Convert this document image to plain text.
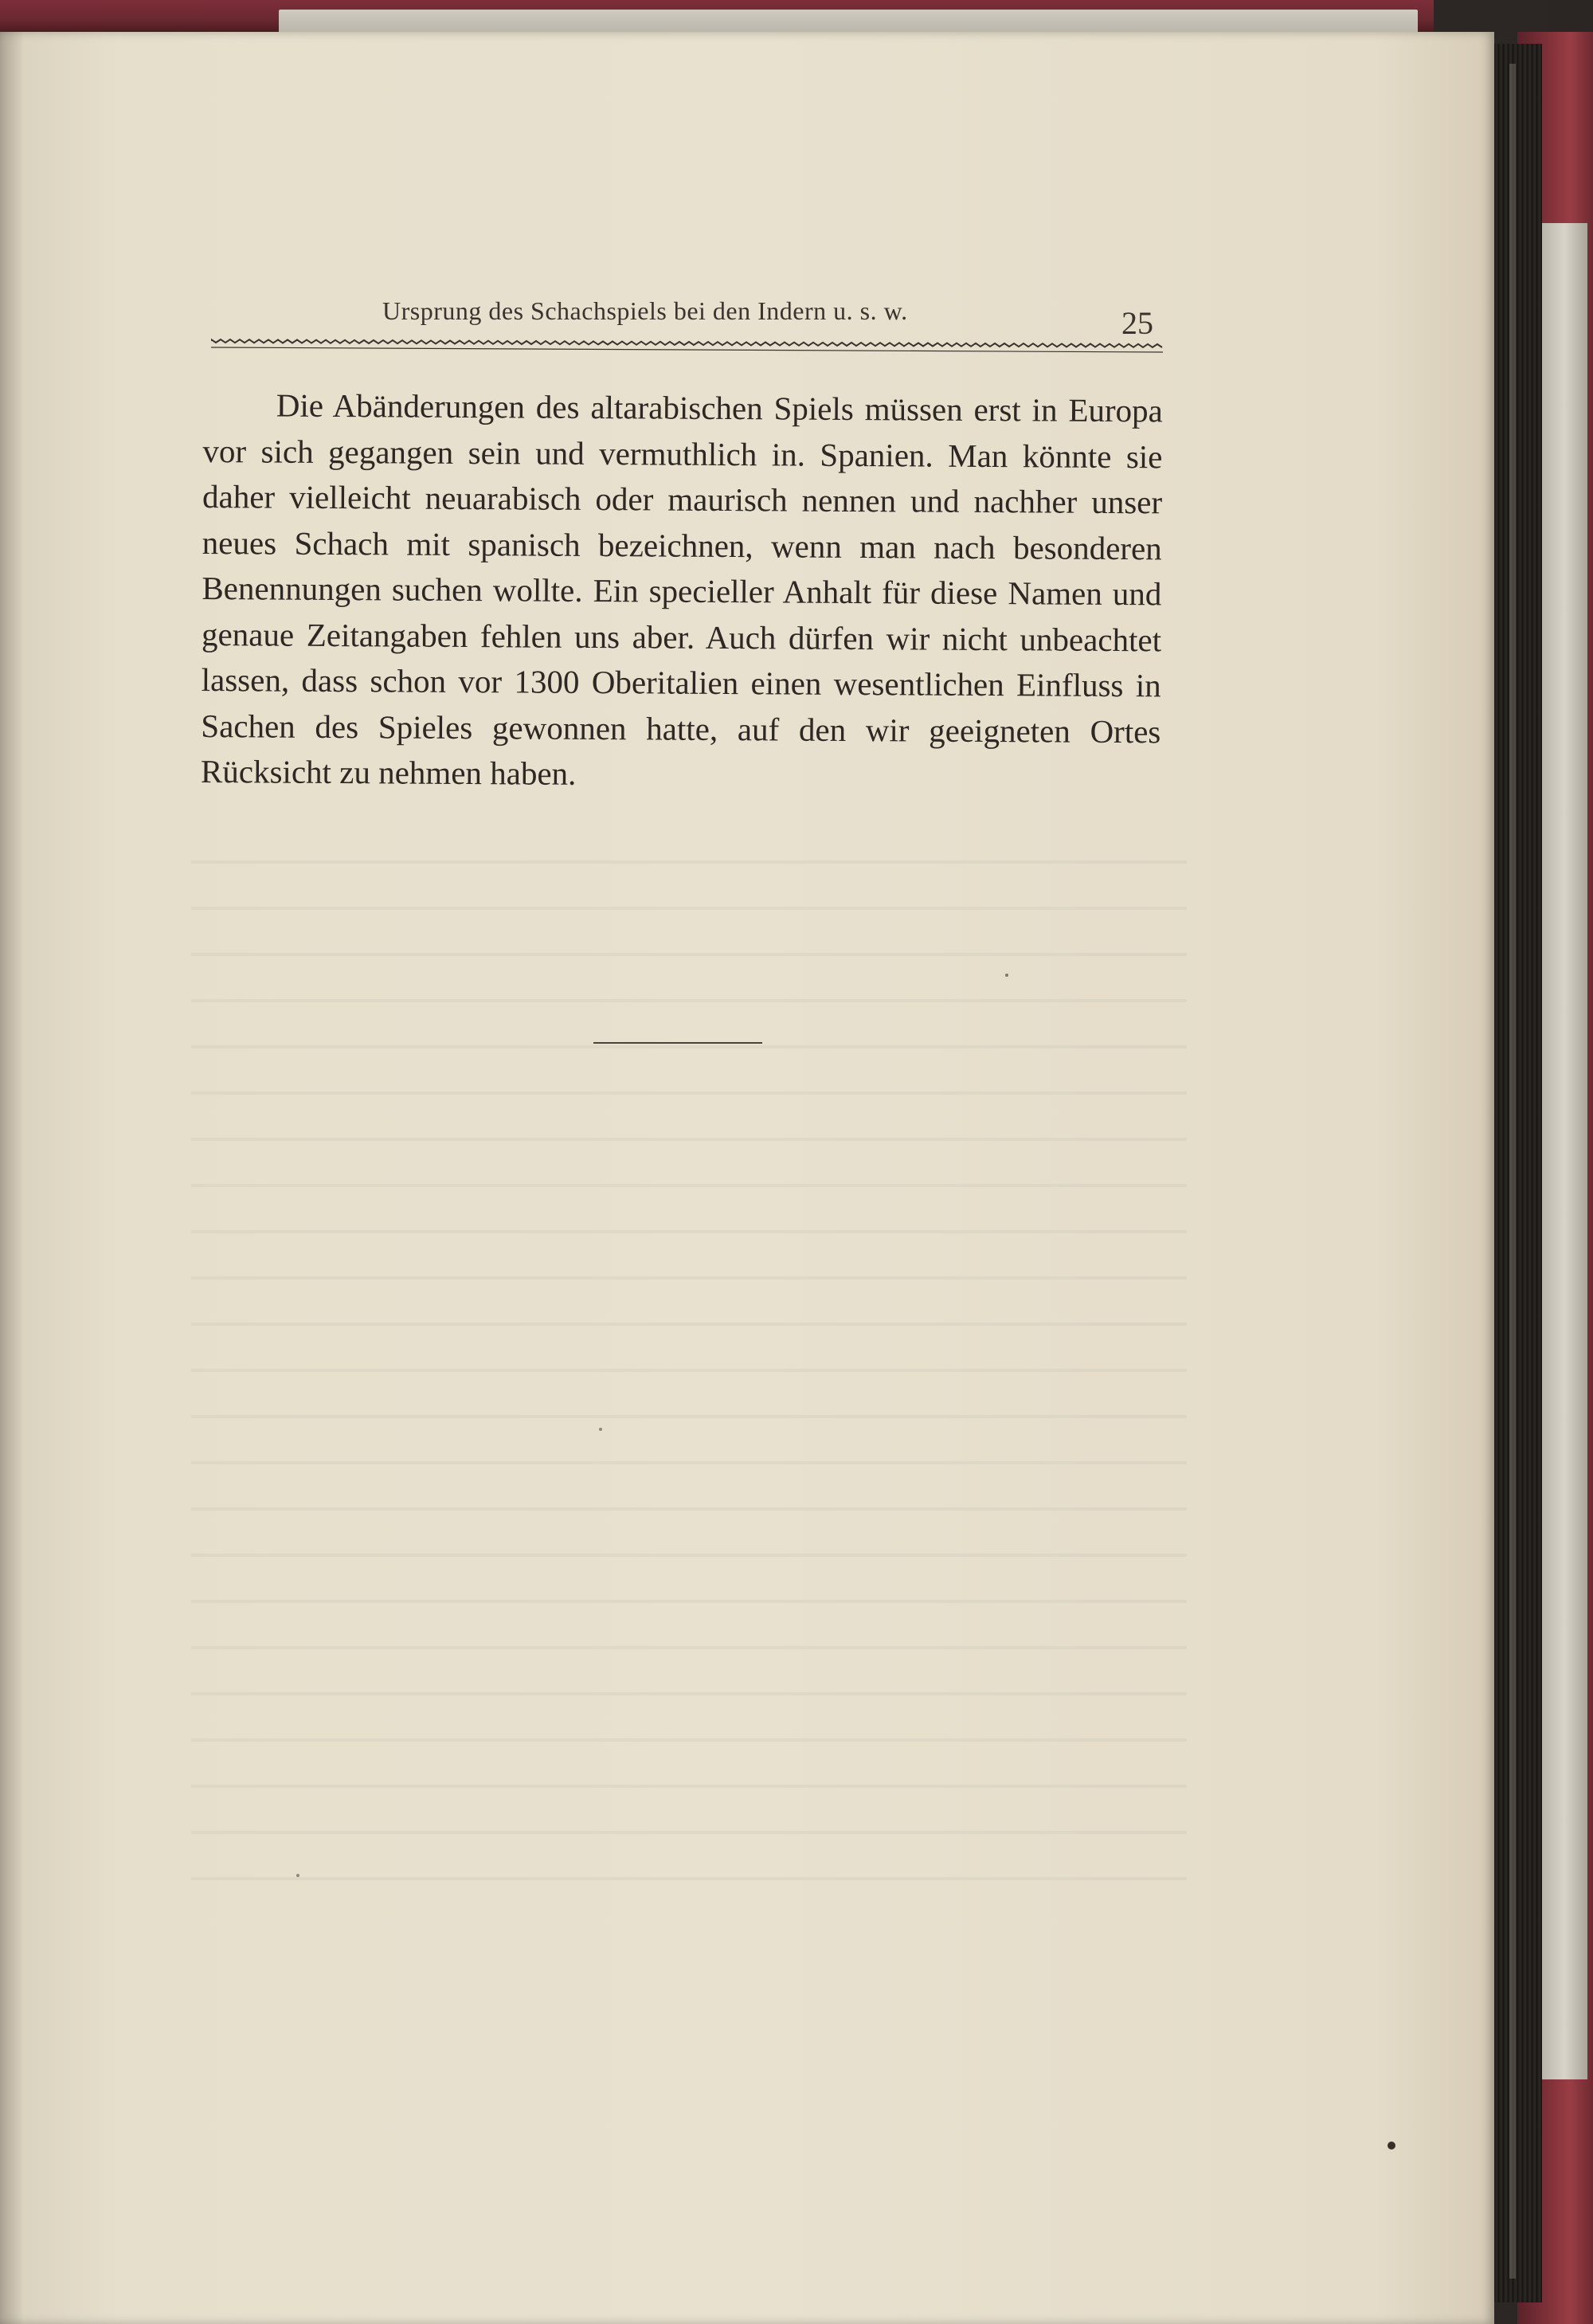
Ursprung des Schachspiels bei den Indern u. s. w.	25

Die Abänderungen des altarabischen Spiels müssen erst in Europa vor sich gegangen sein und vermuthlich in. Spanien. Man könnte sie daher vielleicht neuarabisch oder maurisch nennen und nachher unser neues Schach mit spanisch bezeichnen, wenn man nach besonderen Benennungen suchen wollte. Ein specieller Anhalt für diese Namen und genaue Zeitangaben fehlen uns aber. Auch dürfen wir nicht unbeachtet lassen, dass schon vor 1300 Oberitalien einen wesentlichen Einfluss in Sachen des Spieles gewonnen hatte, auf den wir geeigneten Ortes Rücksicht zu nehmen haben.
